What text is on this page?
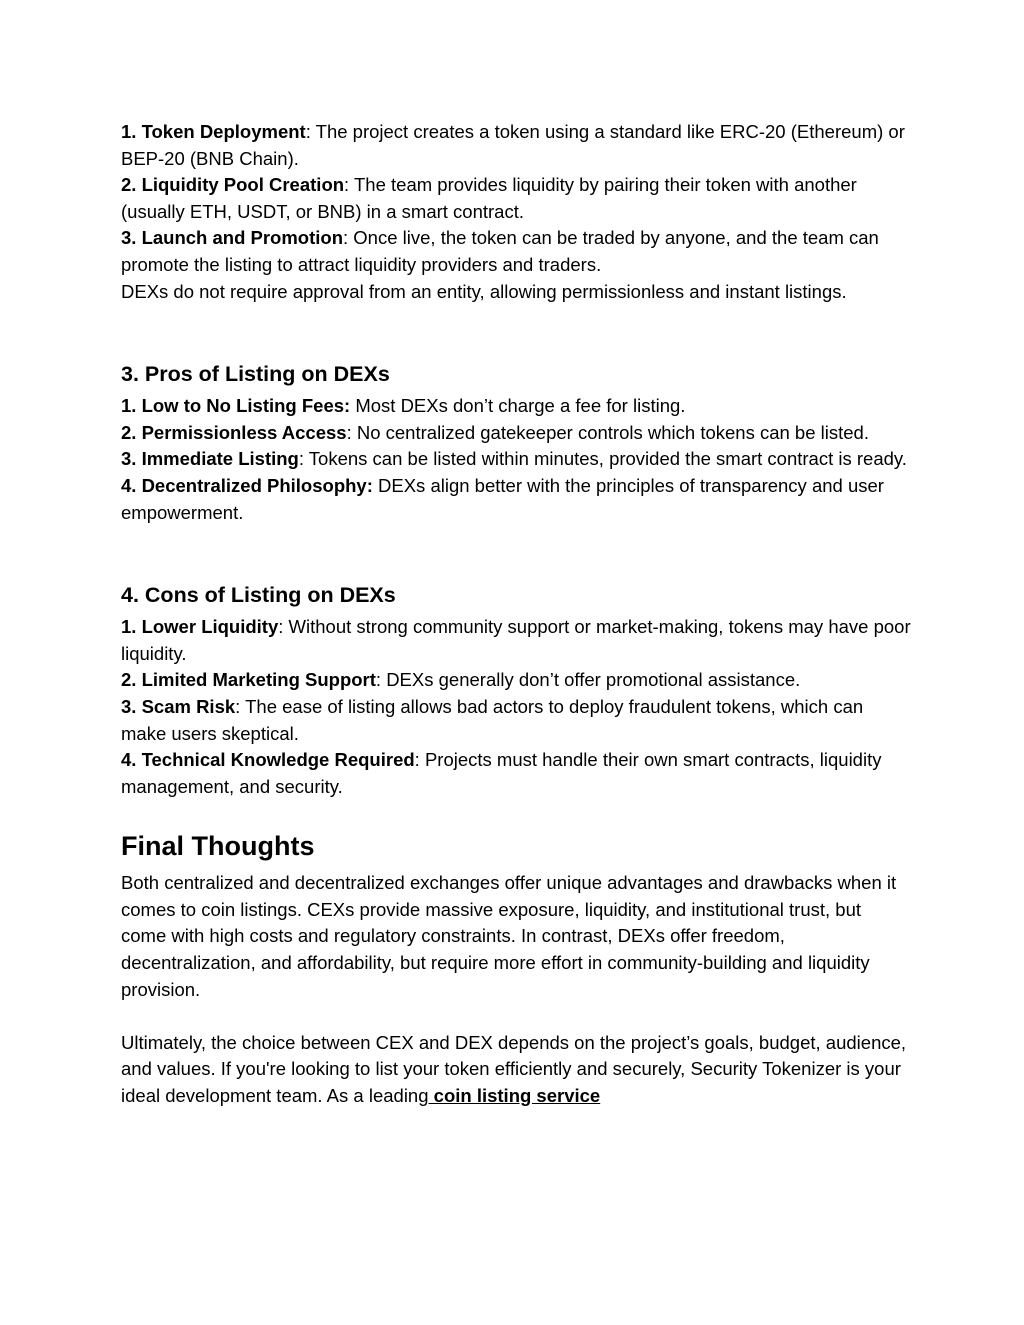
1. Token Deployment: The project creates a token using a standard like ERC-20 (Ethereum) or BEP-20 (BNB Chain).

2. Liquidity Pool Creation: The team provides liquidity by pairing their token with another (usually ETH, USDT, or BNB) in a smart contract.

3. Launch and Promotion: Once live, the token can be traded by anyone, and the team can promote the listing to attract liquidity providers and traders.

DEXs do not require approval from an entity, allowing permissionless and instant listings.

3. Pros of Listing on DEXs

1. Low to No Listing Fees: Most DEXs don’t charge a fee for listing.

2. Permissionless Access: No centralized gatekeeper controls which tokens can be listed.

3. Immediate Listing: Tokens can be listed within minutes, provided the smart contract is ready.

4. Decentralized Philosophy: DEXs align better with the principles of transparency and user empowerment.

4. Cons of Listing on DEXs

1. Lower Liquidity: Without strong community support or market-making, tokens may have poor liquidity.

2. Limited Marketing Support: DEXs generally don’t offer promotional assistance.

3. Scam Risk: The ease of listing allows bad actors to deploy fraudulent tokens, which can make users skeptical.

4. Technical Knowledge Required: Projects must handle their own smart contracts, liquidity management, and security.

Final Thoughts

Both centralized and decentralized exchanges offer unique advantages and drawbacks when it comes to coin listings. CEXs provide massive exposure, liquidity, and institutional trust, but come with high costs and regulatory constraints. In contrast, DEXs offer freedom, decentralization, and affordability, but require more effort in community-building and liquidity provision.

Ultimately, the choice between CEX and DEX depends on the project’s goals, budget, audience, and values. If you're looking to list your token efficiently and securely, Security Tokenizer is your ideal development team. As a leading coin listing service
